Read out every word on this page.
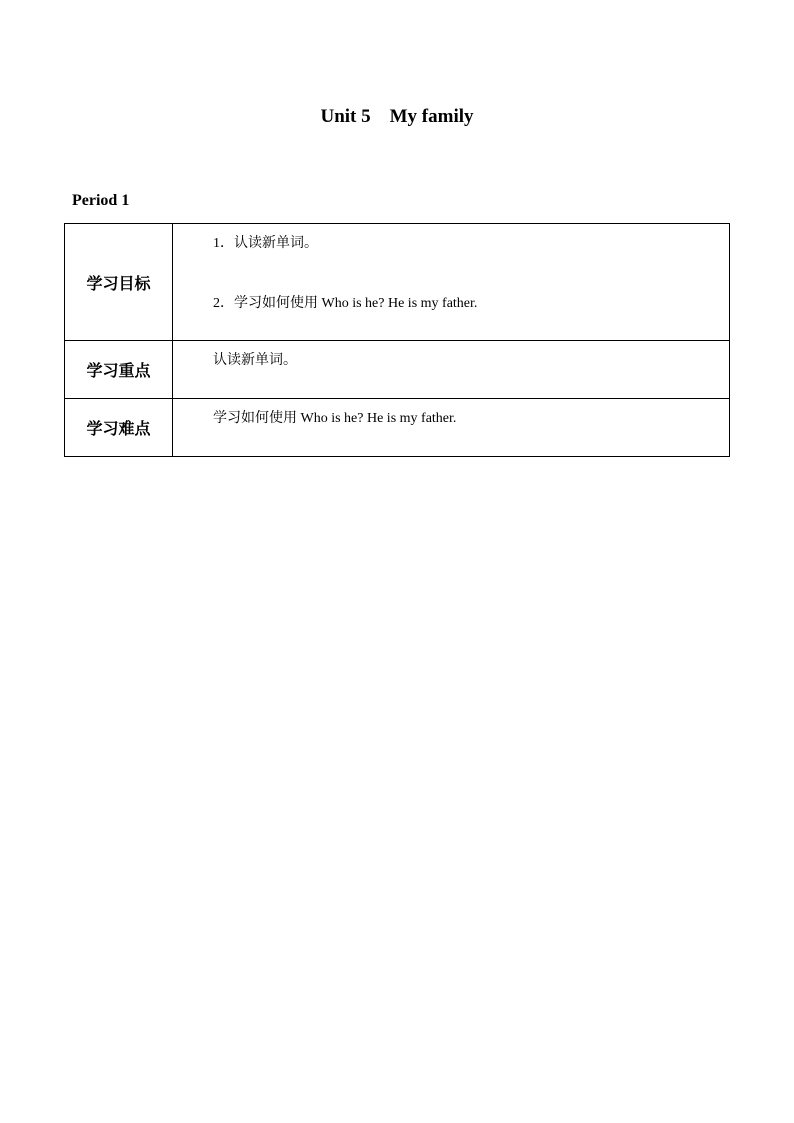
Unit 5    My family
Period 1
学习目标	1．认读新单词。
2．学习如何使用 Who is he? He is my father.

学习重点	认读新单词。

学习难点	学习如何使用 Who is he? He is my father.
